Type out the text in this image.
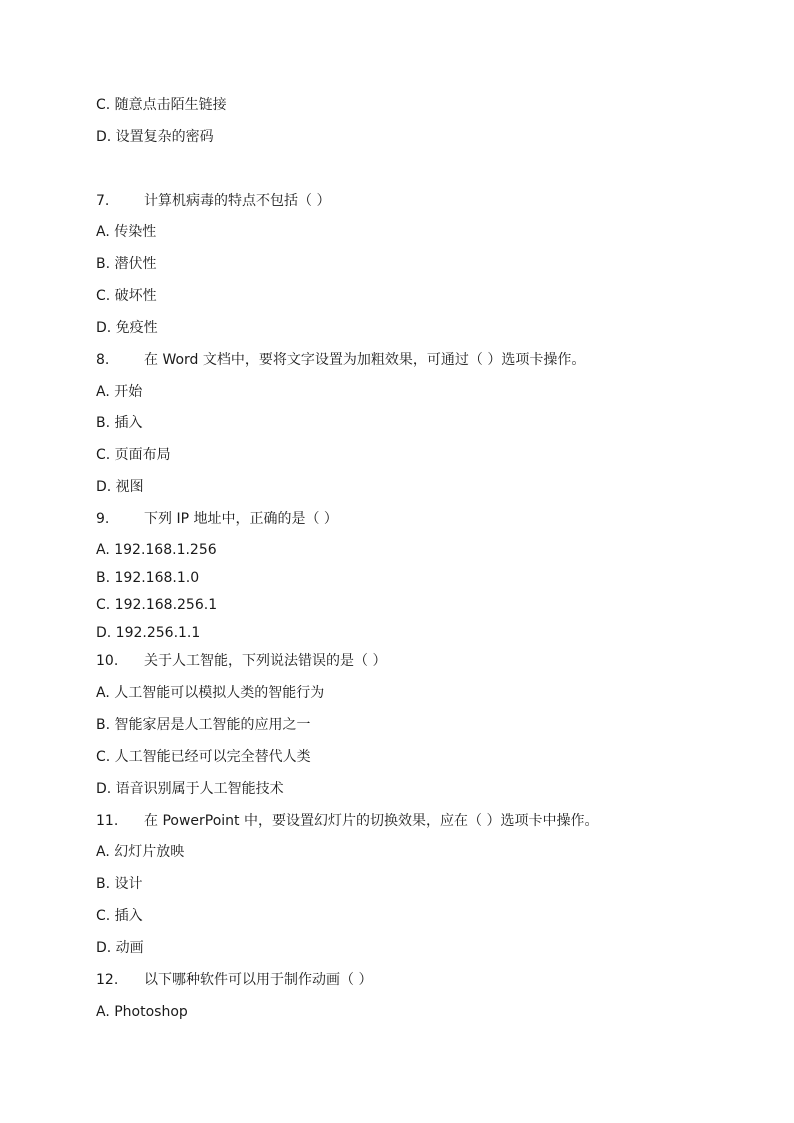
C. 随意点击陌生链接
D. 设置复杂的密码
7. 计算机病毒的特点不包括（ ）
A. 传染性
B. 潜伏性
C. 破坏性
D. 免疫性
8. 在 Word 文档中，要将文字设置为加粗效果，可通过（ ）选项卡操作。
A. 开始
B. 插入
C. 页面布局
D. 视图
9. 下列 IP 地址中，正确的是（ ）
A. 192.168.1.256
B. 192.168.1.0
C. 192.168.256.1
D. 192.256.1.1
10. 关于人工智能，下列说法错误的是（ ）
A. 人工智能可以模拟人类的智能行为
B. 智能家居是人工智能的应用之一
C. 人工智能已经可以完全替代人类
D. 语音识别属于人工智能技术
11. 在 PowerPoint 中，要设置幻灯片的切换效果，应在（ ）选项卡中操作。
A. 幻灯片放映
B. 设计
C. 插入
D. 动画
12. 以下哪种软件可以用于制作动画（ ）
A. Photoshop
